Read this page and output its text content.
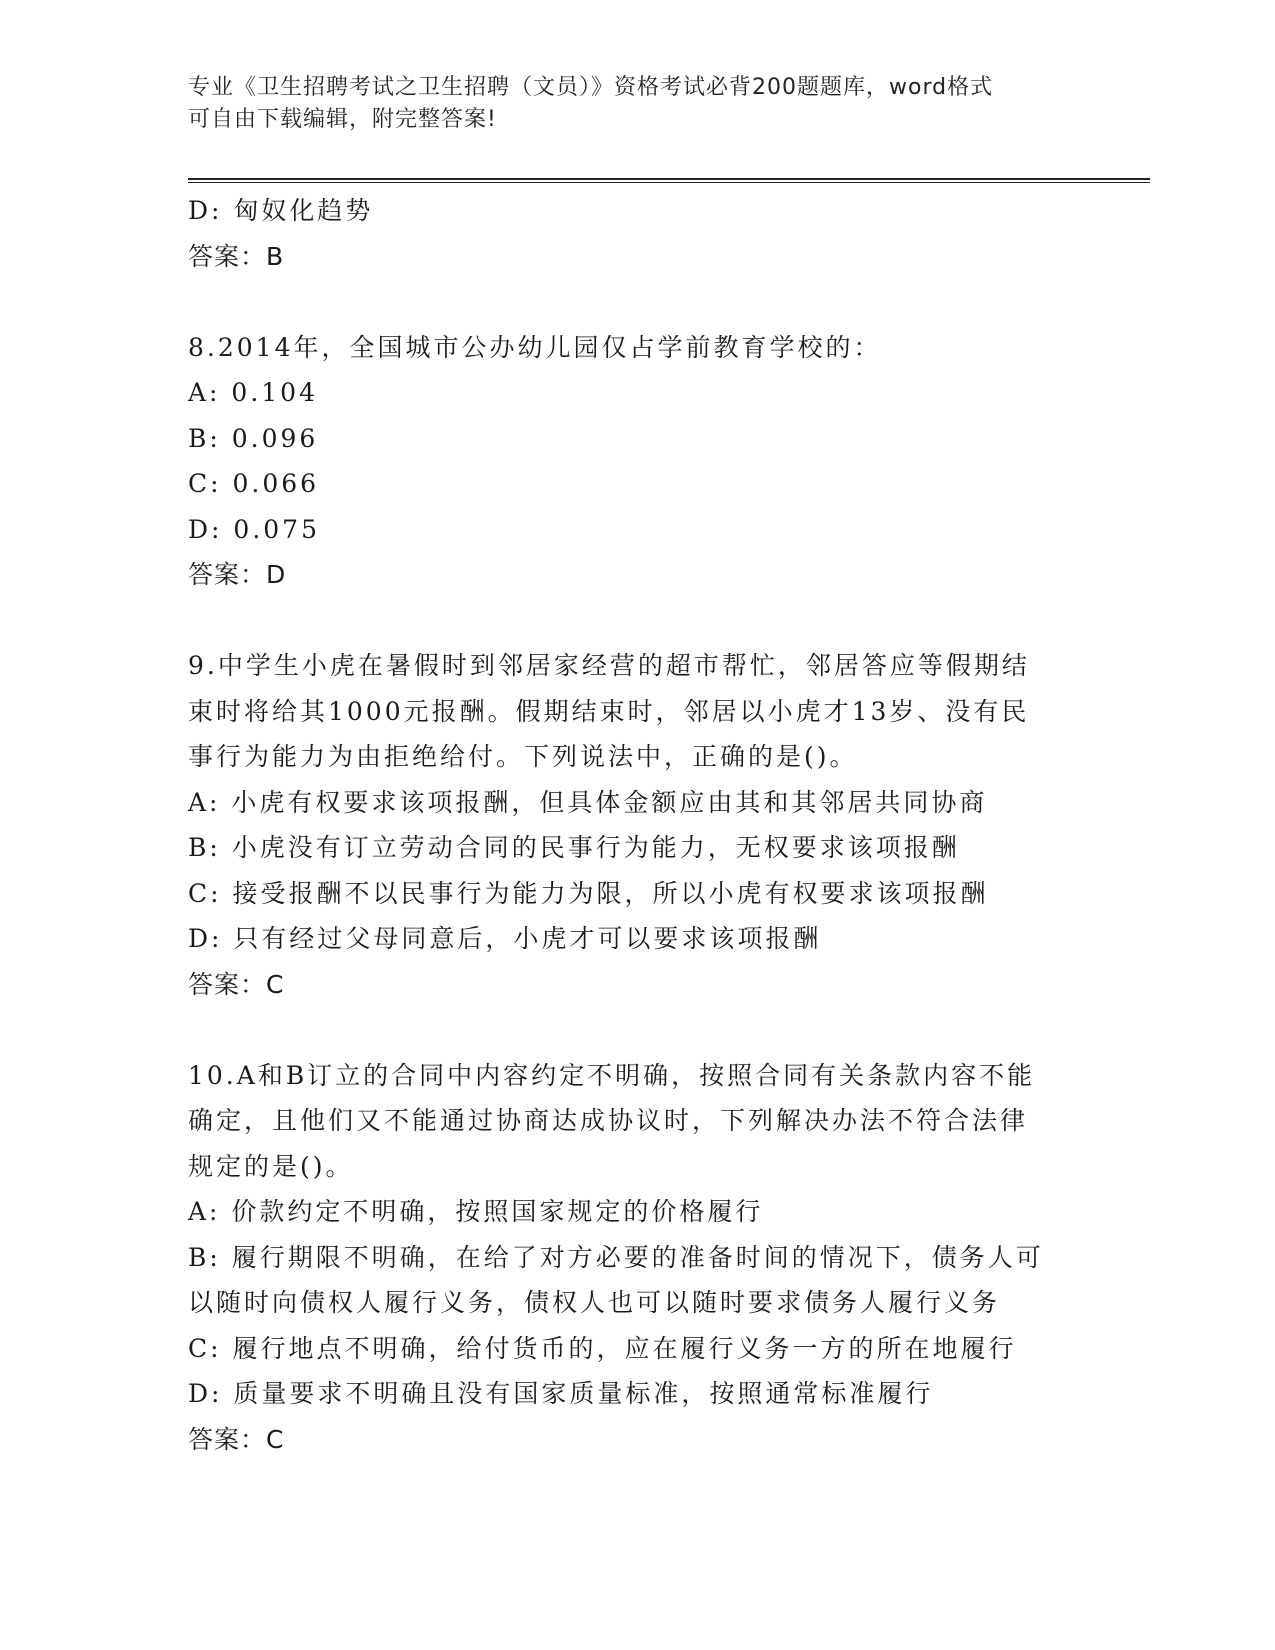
专业《卫生招聘考试之卫生招聘（文员）》资格考试必背200题题库，word格式
可自由下载编辑，附完整答案!
D: 匈奴化趋势
答案：B
8.2014年，全国城市公办幼儿园仅占学前教育学校的：
A: 0.104
B: 0.096
C: 0.066
D: 0.075
答案：D
9.中学生小虎在暑假时到邻居家经营的超市帮忙，邻居答应等假期结
束时将给其1000元报酬。假期结束时，邻居以小虎才13岁、没有民
事行为能力为由拒绝给付。下列说法中，正确的是()。
A: 小虎有权要求该项报酬，但具体金额应由其和其邻居共同协商
B: 小虎没有订立劳动合同的民事行为能力，无权要求该项报酬
C: 接受报酬不以民事行为能力为限，所以小虎有权要求该项报酬
D: 只有经过父母同意后，小虎才可以要求该项报酬
答案：C
10.A和B订立的合同中内容约定不明确，按照合同有关条款内容不能
确定，且他们又不能通过协商达成协议时，下列解决办法不符合法律
规定的是()。
A: 价款约定不明确，按照国家规定的价格履行
B: 履行期限不明确，在给了对方必要的准备时间的情况下，债务人可
以随时向债权人履行义务，债权人也可以随时要求债务人履行义务
C: 履行地点不明确，给付货币的，应在履行义务一方的所在地履行
D: 质量要求不明确且没有国家质量标准，按照通常标准履行
答案：C
